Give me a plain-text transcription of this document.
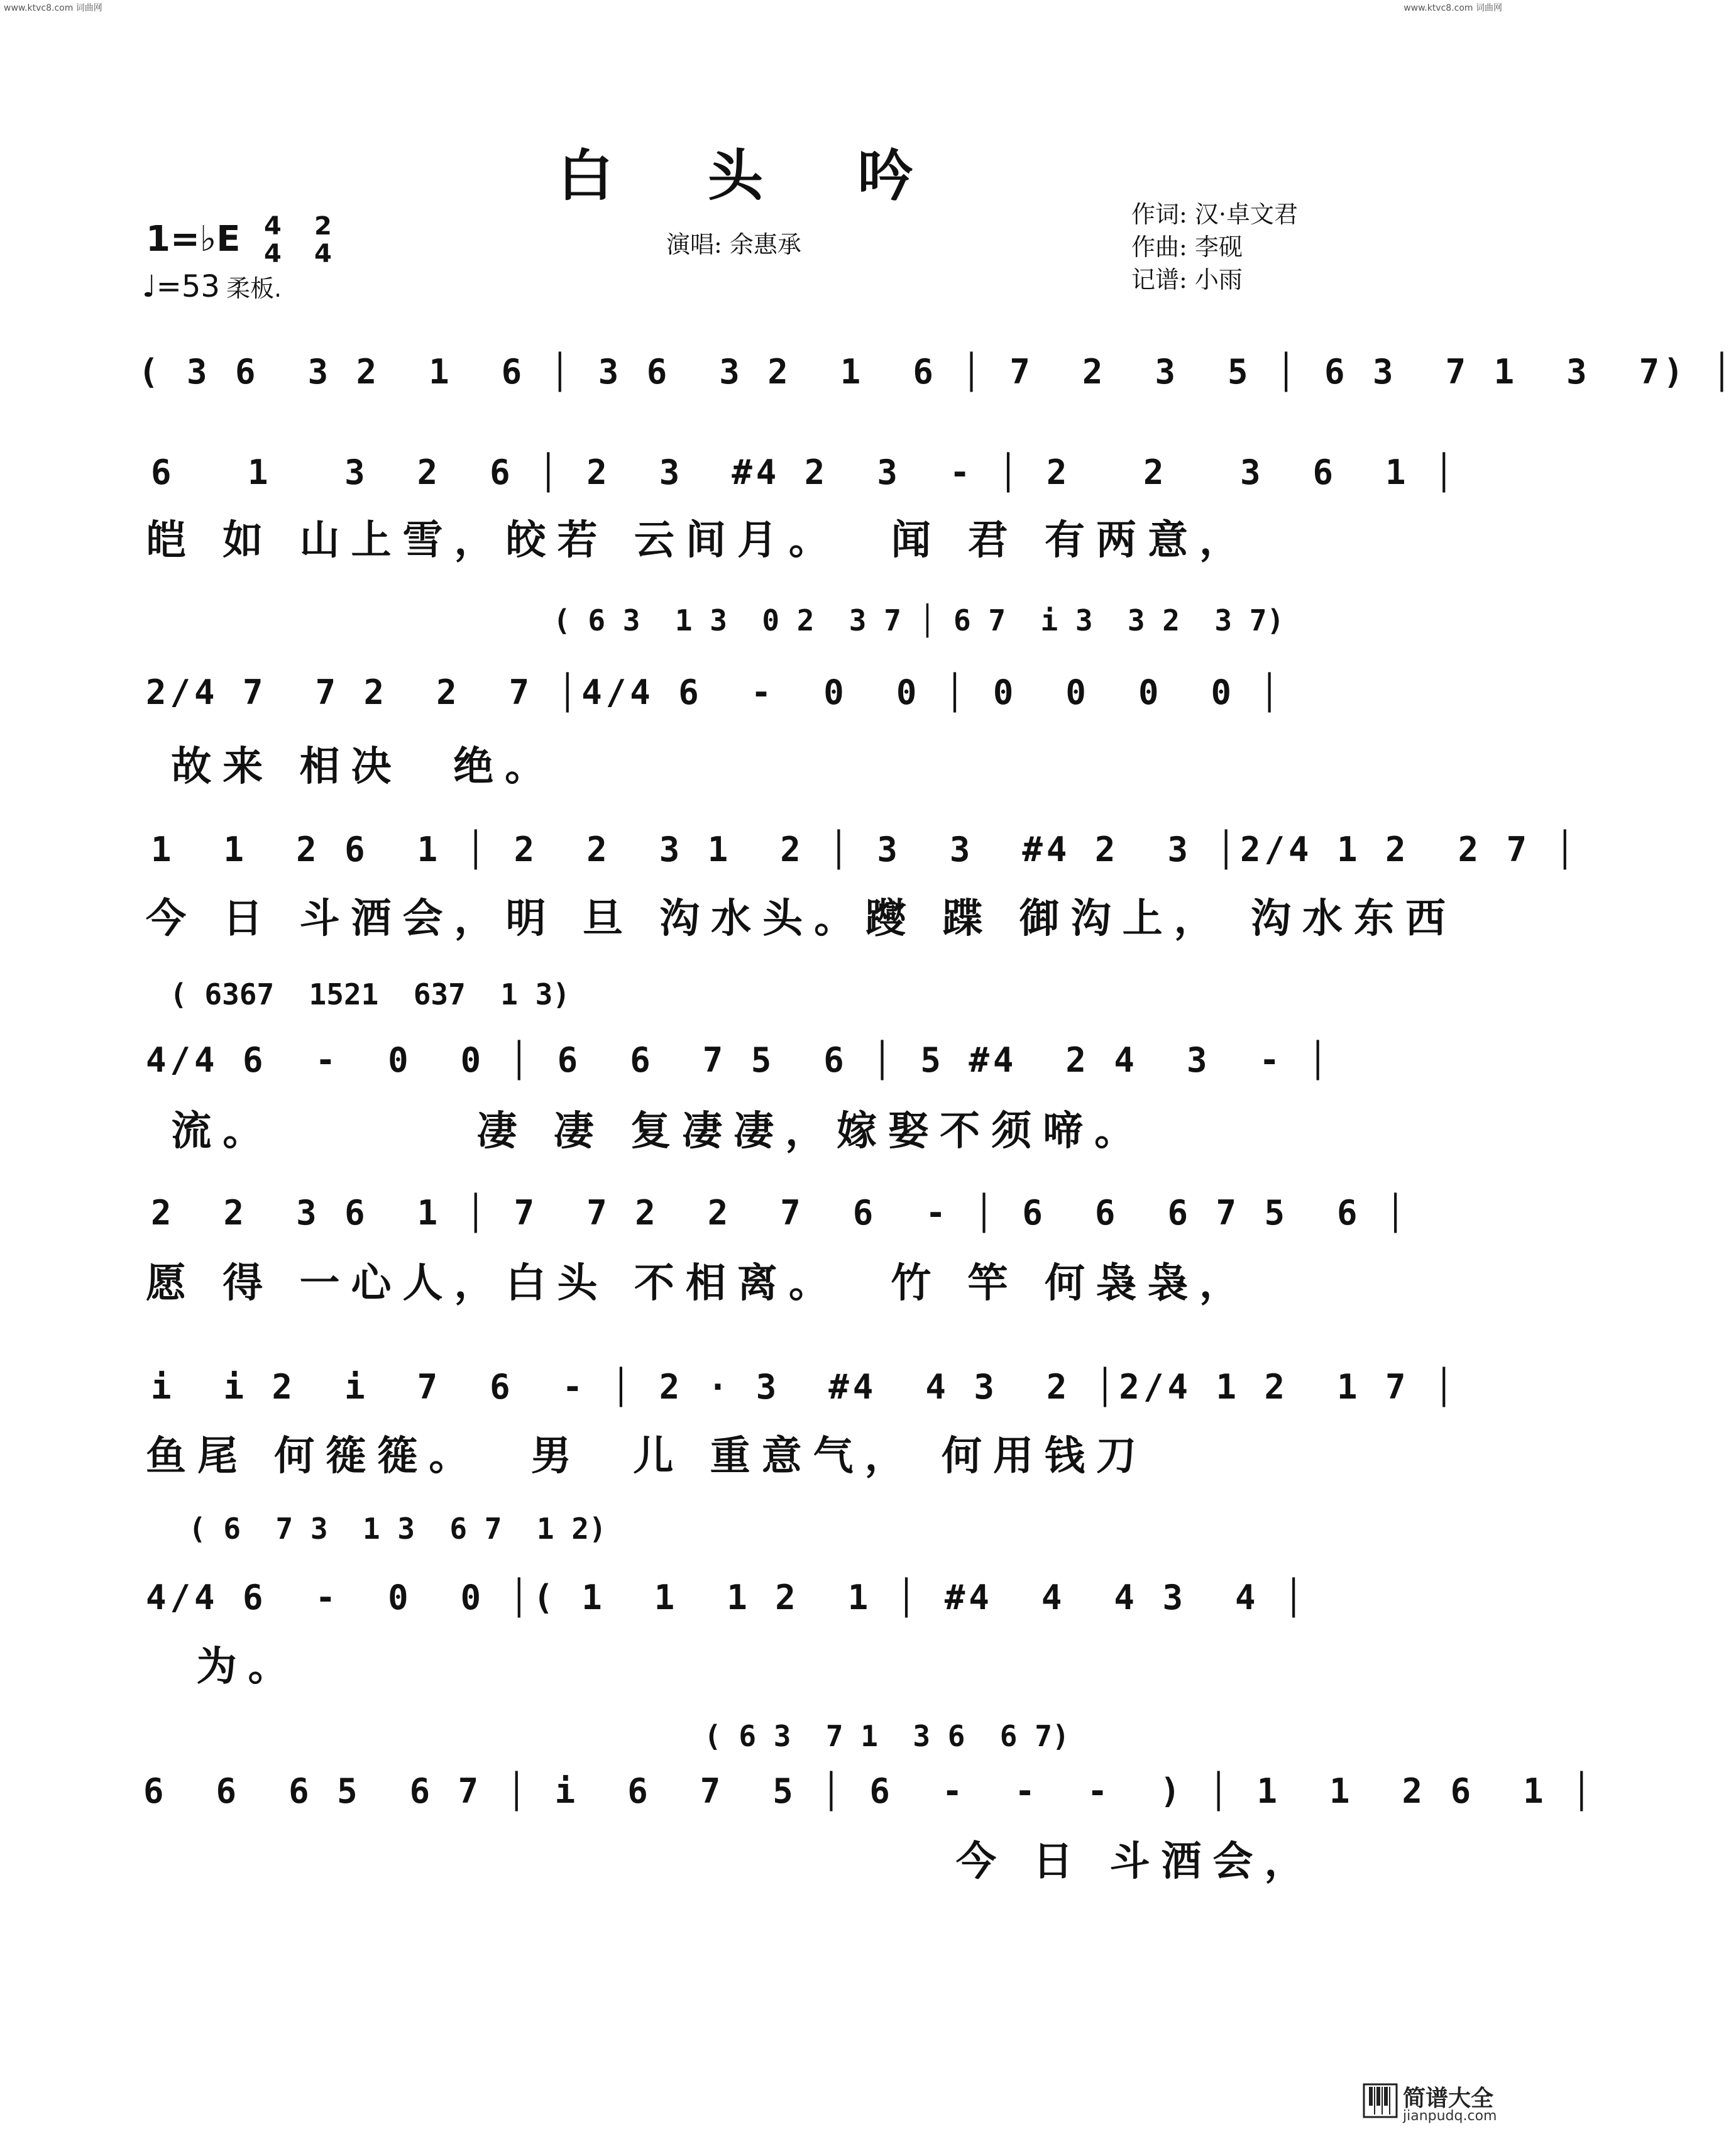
www.ktvc8.com 词曲网	www.ktvc8.com 词曲网
白 头 吟
1=♭E 4
4
2
4
♩=53 柔板.
演唱: 余惠承
作词: 汉·卓文君
作曲: 李砚
记谱: 小雨
( 3 6  3 2  1  6 │ 3 6  3 2  1  6 │ 7  2  3  5 │ 6 3  7 1  3  7) │
6   1   3  2  6 │ 2  3  #4 2  3  - │ 2   2   3  6  1 │
皑 如 山上雪，皎若 云间月。  闻 君 有两意，
( 6 3  1 3  0 2  3 7 │ 6 7  i 3  3 2  3 7)
2/4 7  7 2  2  7 │4/4 6  -  0  0 │ 0  0  0  0 │
故来 相决  绝。
1  1  2 6  1 │ 2  2  3 1  2 │ 3  3  #4 2  3 │2/4 1 2  2 7 │
今 日 斗酒会，明 旦 沟水头。躞 蹀 御沟上， 沟水东西
( 6367  1521  637  1 3)
4/4 6  -  0  0 │ 6  6  7 5  6 │ 5 #4  2 4  3  - │
流。        凄 凄 复凄凄，嫁娶不须啼。
2  2  3 6  1 │ 7  7 2  2  7  6  - │ 6  6  6 7 5  6 │
愿 得 一心人，白头 不相离。  竹 竿 何袅袅，
i  i 2  i  7  6  - │ 2 · 3  #4  4 3  2 │2/4 1 2  1 7 │
鱼尾 何簁簁。  男  儿 重意气， 何用钱刀
( 6  7 3  1 3  6 7  1 2)
4/4 6  -  0  0 │( 1  1  1 2  1 │ #4  4  4 3  4 │
为。
( 6 3  7 1  3 6  6 7)
6  6  6 5  6 7 │ i  6  7  5 │ 6  -  -  -  ) │ 1  1  2 6  1 │
今 日 斗酒会，
简谱大全
jianpudq.com
